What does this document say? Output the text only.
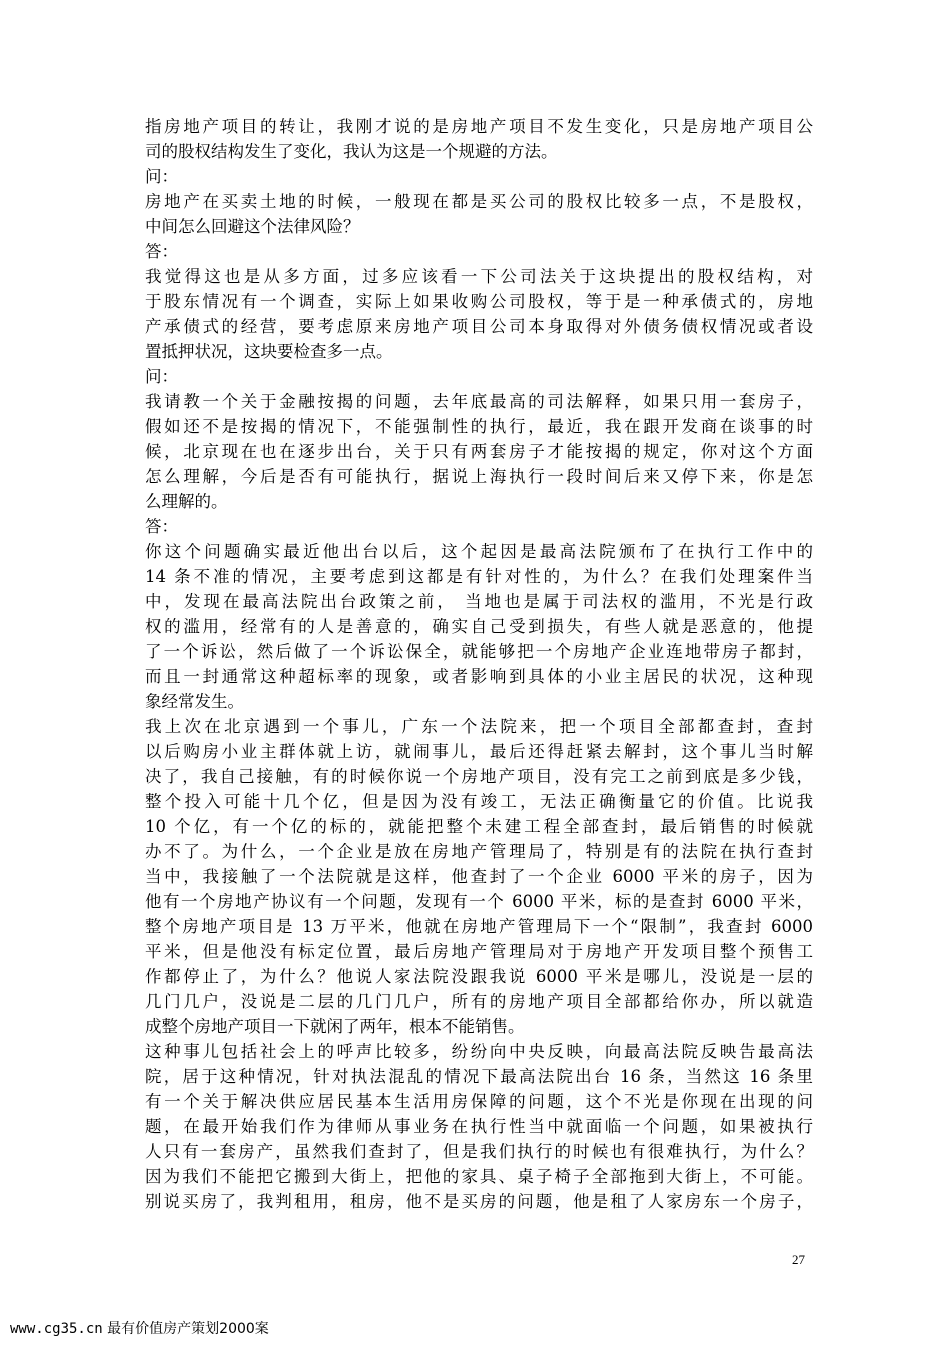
指房地产项目的转让，我刚才说的是房地产项目不发生变化，只是房地产项目公
司的股权结构发生了变化，我认为这是一个规避的方法。
问：
房地产在买卖土地的时候，一般现在都是买公司的股权比较多一点，不是股权，
中间怎么回避这个法律风险？
答：
我觉得这也是从多方面，过多应该看一下公司法关于这块提出的股权结构，对
于股东情况有一个调查，实际上如果收购公司股权，等于是一种承债式的，房地
产承债式的经营，要考虑原来房地产项目公司本身取得对外债务债权情况或者设
置抵押状况，这块要检查多一点。
问：
我请教一个关于金融按揭的问题，去年底最高的司法解释，如果只用一套房子，
假如还不是按揭的情况下，不能强制性的执行，最近，我在跟开发商在谈事的时
候，北京现在也在逐步出台，关于只有两套房子才能按揭的规定，你对这个方面
怎么理解，今后是否有可能执行，据说上海执行一段时间后来又停下来，你是怎
么理解的。
答：
你这个问题确实最近他出台以后，这个起因是最高法院颁布了在执行工作中的
14 条不准的情况，主要考虑到这都是有针对性的，为什么？在我们处理案件当
中，发现在最高法院出台政策之前， 当地也是属于司法权的滥用，不光是行政
权的滥用，经常有的人是善意的，确实自己受到损失，有些人就是恶意的，他提
了一个诉讼，然后做了一个诉讼保全，就能够把一个房地产企业连地带房子都封，
而且一封通常这种超标率的现象，或者影响到具体的小业主居民的状况，这种现
象经常发生。
我上次在北京遇到一个事儿，广东一个法院来，把一个项目全部都查封，查封
以后购房小业主群体就上访，就闹事儿，最后还得赶紧去解封，这个事儿当时解
决了，我自己接触，有的时候你说一个房地产项目，没有完工之前到底是多少钱，
整个投入可能十几个亿，但是因为没有竣工，无法正确衡量它的价值。比说我
10 个亿，有一个亿的标的，就能把整个未建工程全部查封，最后销售的时候就
办不了。为什么，一个企业是放在房地产管理局了，特别是有的法院在执行查封
当中，我接触了一个法院就是这样，他查封了一个企业 6000 平米的房子，因为
他有一个房地产协议有一个问题，发现有一个 6000 平米，标的是查封 6000 平米，
整个房地产项目是 13 万平米，他就在房地产管理局下一个“限制”，我查封 6000
平米，但是他没有标定位置，最后房地产管理局对于房地产开发项目整个预售工
作都停止了，为什么？他说人家法院没跟我说 6000 平米是哪儿，没说是一层的
几门几户，没说是二层的几门几户，所有的房地产项目全部都给你办，所以就造
成整个房地产项目一下就闲了两年，根本不能销售。
这种事儿包括社会上的呼声比较多，纷纷向中央反映，向最高法院反映告最高法
院，居于这种情况，针对执法混乱的情况下最高法院出台 16 条，当然这 16 条里
有一个关于解决供应居民基本生活用房保障的问题，这个不光是你现在出现的问
题，在最开始我们作为律师从事业务在执行性当中就面临一个问题，如果被执行
人只有一套房产，虽然我们查封了，但是我们执行的时候也有很难执行，为什么？
因为我们不能把它搬到大街上，把他的家具、桌子椅子全部拖到大街上，不可能。
别说买房了，我判租用，租房，他不是买房的问题，他是租了人家房东一个房子，
27
www.cg35.cn 最有价值房产策划2000案
